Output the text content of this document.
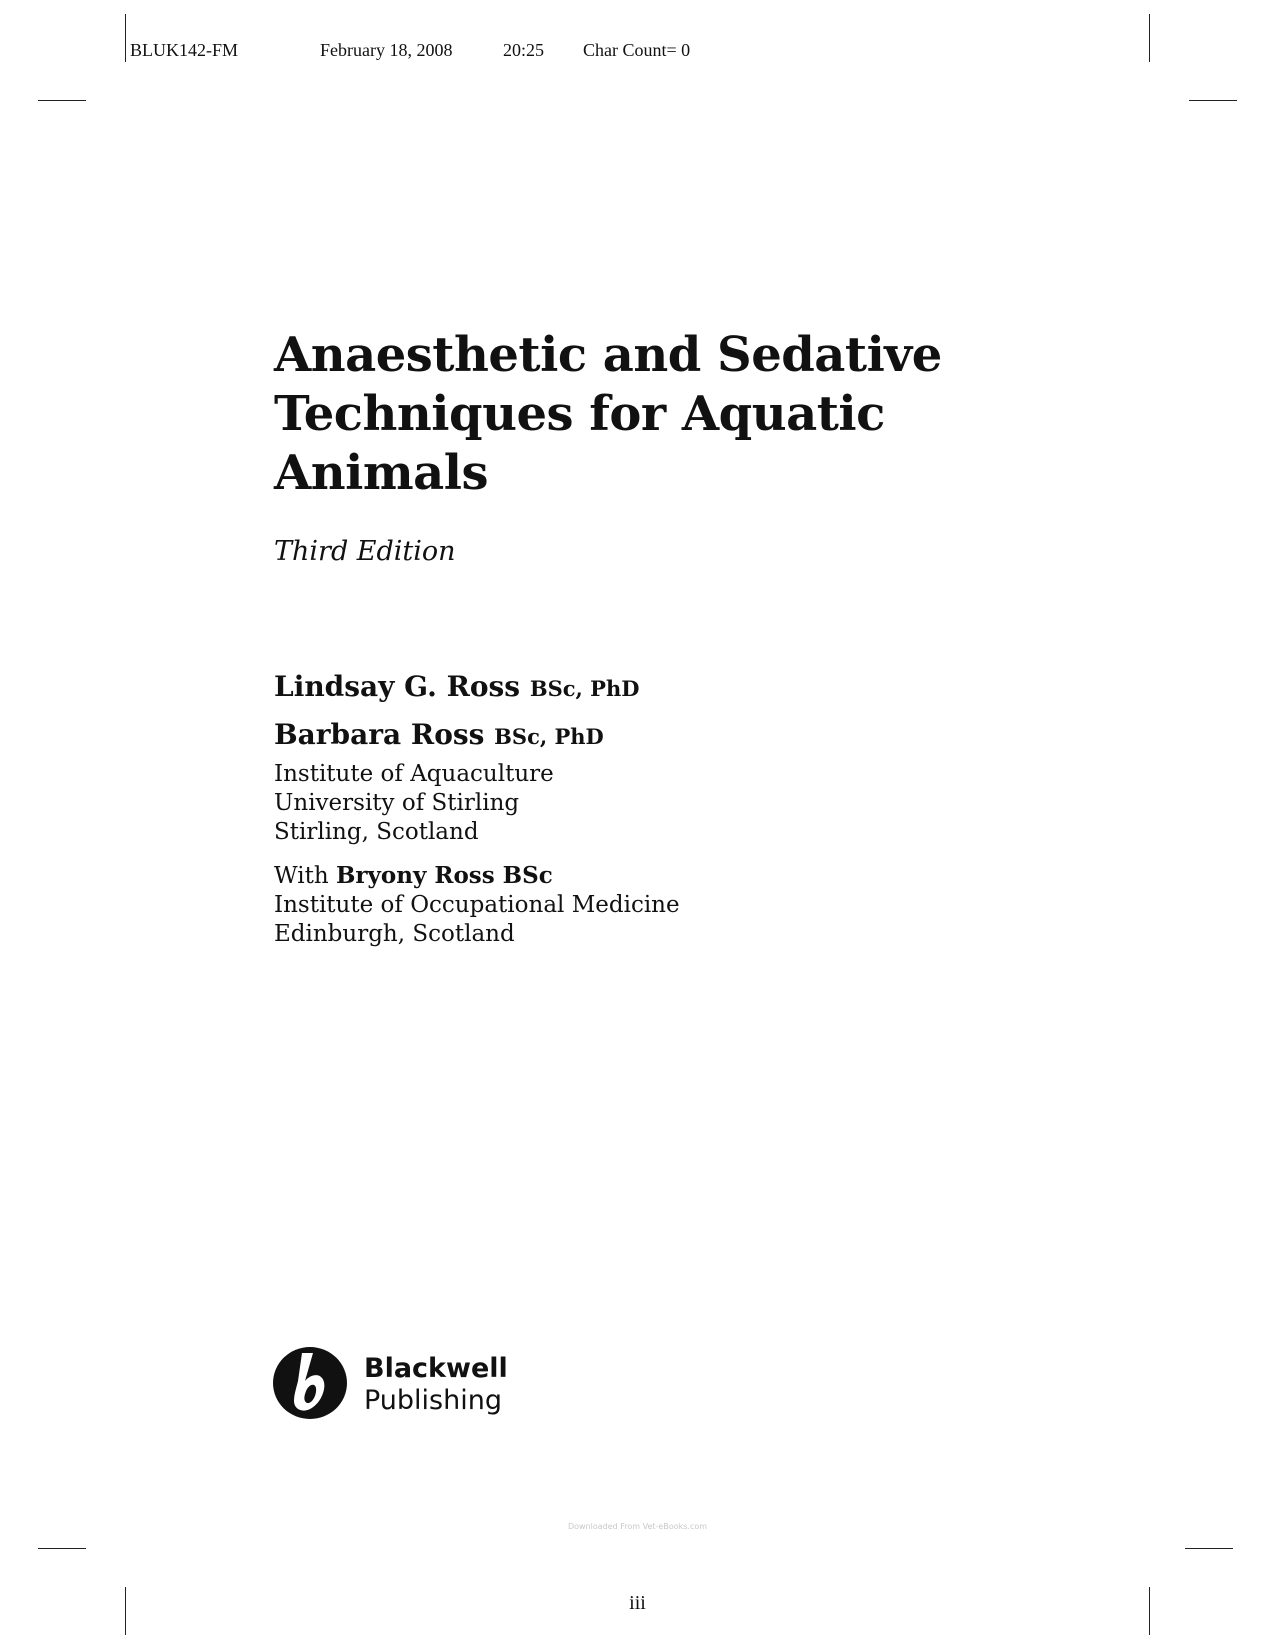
BLUK142-FM	February 18, 2008	20:25 Char Count= 0
Anaesthetic and Sedative
Techniques for Aquatic
Animals
Third Edition
Lindsay G. Ross BSc, PhD
Barbara Ross BSc, PhD
Institute of Aquaculture
University of Stirling
Stirling, Scotland
With Bryony Ross BSc
Institute of Occupational Medicine
Edinburgh, Scotland
Blackwell
Publishing
Downloaded From Vet-eBooks.com
iii
